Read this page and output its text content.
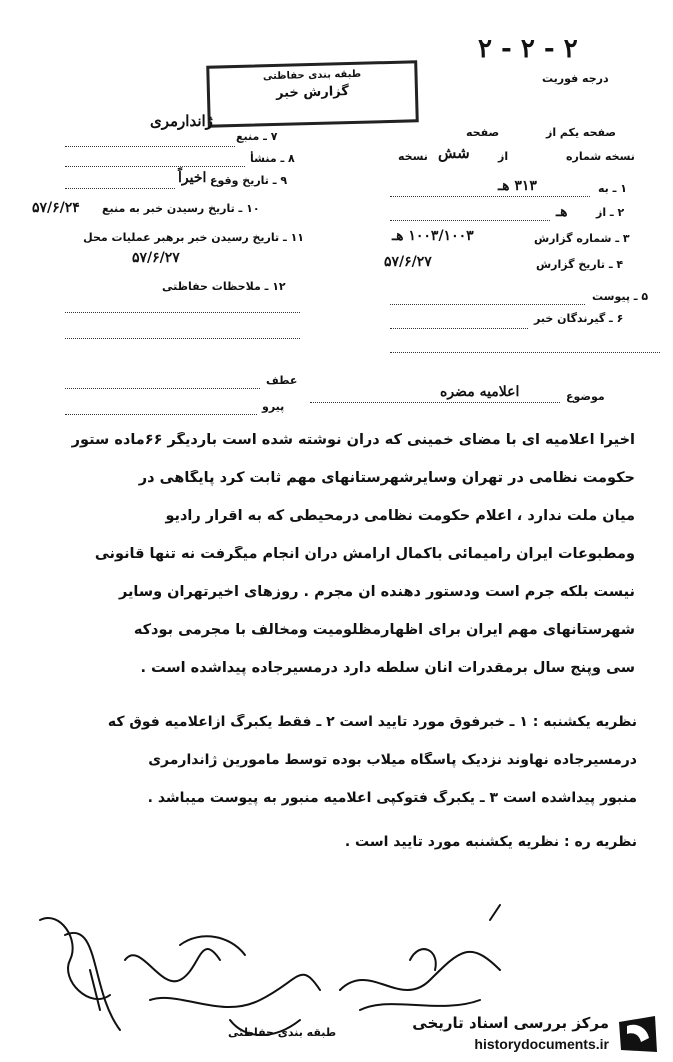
۲ - ۲ - ۲
درجه فوریت
طبقه بندی حفاظتی
گزارش خبر
ژاندارمری
۷ ـ منبع
۸ ـ منشأ
اخیراً ۹ ـ تاریخ وقوع
۱۰ ـ تاریخ رسیدن خبر به منبع
۵۷/۶/۲۴
۱۱ ـ تاریخ رسیدن خبر برهبر عملیات محل
۵۷/۶/۲۷
۱۲ ـ ملاحظات حفاظتی
صفحه یکم از
صفحه
نسخه شماره
از
شش
نسخه
۱ ـ به
۳۱۳ هـ
۲ ـ از
هـ
۳ ـ شماره گزارش
۱۰۰۳/۱۰۰۳ هـ
۴ ـ تاریخ گزارش
۵۷/۶/۲۷
۵ ـ پیوست
۶ ـ گیرندگان خبر
عطف
پیرو
موضوع
اعلامیه مضره
اخیراً اعلامیه ای با مضای خمینی که درآن نوشته شده است باردیگر ۶۶ماده ستور
حکومت نظامی در تهران وسایرشهرستانهای مهم ثابت کرد پایگاهی در
میان ملت ندارد ، اعلام حکومت نظامی درمحیطی که به اقرار رادیو
ومطبوعات ایران رامیمائی باکمال آرامش درآن انجام میگرفت نه تنها قانونی
نیست بلکه جرم است ودستور دهنده آن مجرم . روزهای اخیرتهران وسایر
شهرستانهای مهم ایران برای اظهارمظلومیت ومخالف با مجرمی بودکه
سی وپنج سال برمقدرات آنان سلطه دارد درمسیرجاده پیداشده است .
نظریه یکشنبه : ۱ ـ خبرفوق مورد تایید است ۲ ـ فقط یکبرگ ازاعلامیه فوق که
درمسیرجاده نهاوند نزدیک پاسگاه میلاب بوده توسط مامورین ژاندارمری
منبور پیداشده است ۳ ـ یکبرگ فتوکپی اعلامیه منبور به پیوست میباشد .
نظریه ره : نظریه یکشنبه مورد تایید است .
طبقه بندی حفاظتی
مرکز بررسی اسناد تاریخی
historydocuments.ir
